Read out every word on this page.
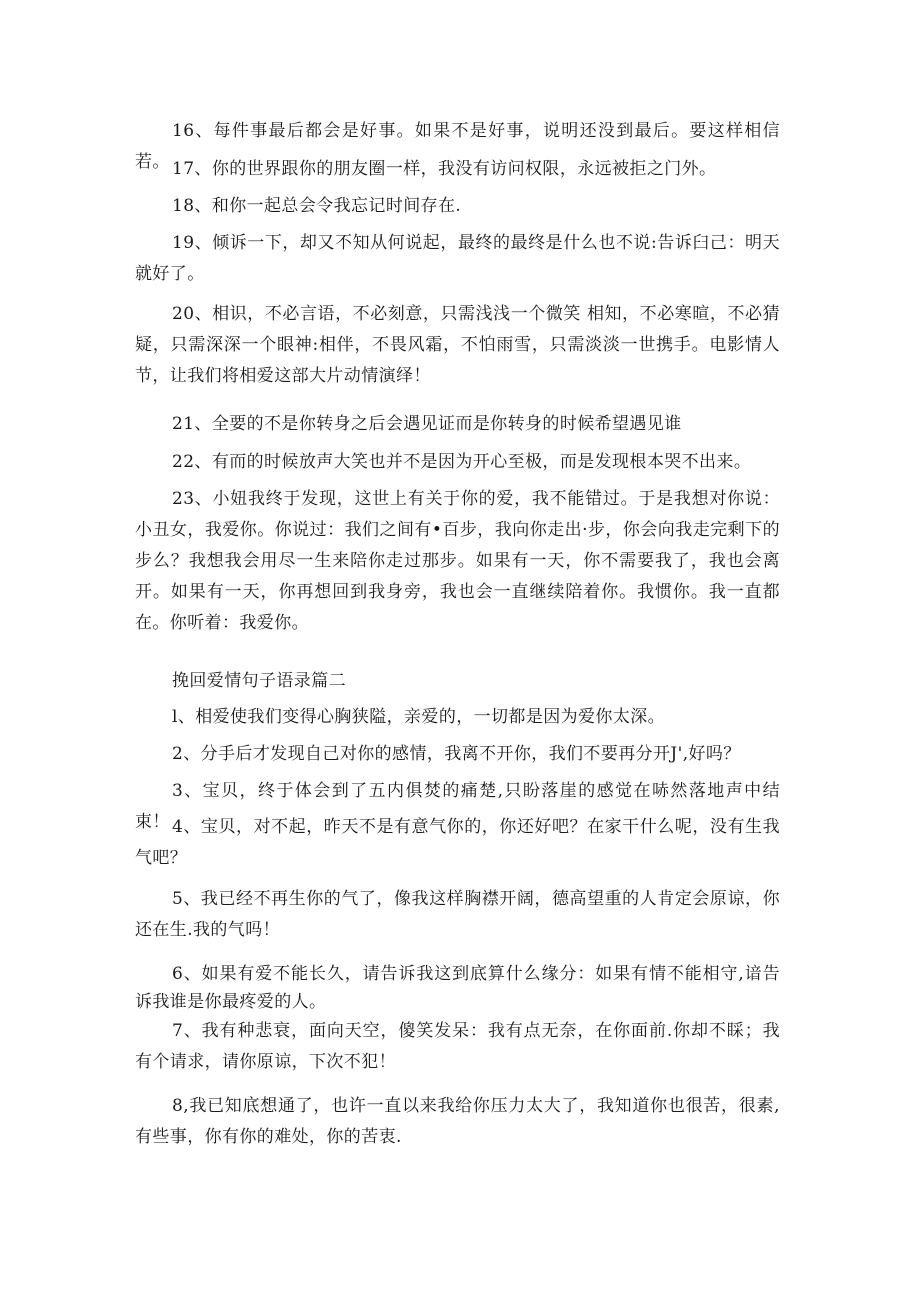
16、每件事最后都会是好事。如果不是好事，说明还没到最后。要这样相信若。 17、你的世界跟你的朋友圈一样，我没有访问权限，永远被拒之门外。

18、和你一起总会令我忘记时间存在.

19、倾诉一下，却又不知从何说起，最终的最终是什么也不说:告诉臼己：明天就好了。

20、相识，不必言语，不必刻意，只需浅浅一个微笑 相知，不必寒暄，不必猜疑，只需深深一个眼神:相伴，不畏风霜，不怕雨雪，只需淡淡一世携手。电影情人节，让我们将相爱这部大片动情演绎！

21、全要的不是你转身之后会遇见证而是你转身的时候希望遇见谁

22、有而的时候放声大笑也并不是因为开心至极，而是发现根本哭不出来。

23、小妞我终于发现，这世上有关于你的爱，我不能错过。于是我想对你说：小丑女，我爱你。你说过：我们之间有•百步，我向你走出·步，你会向我走完剩下的步么？我想我会用尽一生来陪你走过那步。如果有一天，你不需要我了，我也会离开。如果有一天，你再想回到我身旁，我也会一直继续陪着你。我惯你。我一直都在。你听着：我爱你。

挽回爱情句子语录篇二

l、相爱使我们变得心胸狭隘，亲爱的，一切都是因为爱你太深。

2、分手后才发现自己对你的感情，我离不开你，我们不要再分开J',好吗？

3、宝贝，终于体会到了五内俱焚的痛楚,只盼落崖的感觉在哧然落地声中结束！ 4、宝贝，对不起，昨天不是有意气你的，你还好吧？在家干什么呢，没有生我气吧？

5、我已经不再生你的气了，像我这样胸襟开阔，德高望重的人肯定会原谅，你还在生.我的气吗！

6、如果有爱不能长久，请告诉我这到底算什么缘分：如果有情不能相守,谙告诉我谁是你最疼爱的人。

7、我有种悲衰，面向天空，傻笑发呆：我有点无奈，在你面前.你却不睬；我有个请求，请你原谅，下次不犯！

8,我已知底想通了，也许一直以来我给你压力太大了，我知道你也很苦，很素,有些事，你有你的难处，你的苦衷.
